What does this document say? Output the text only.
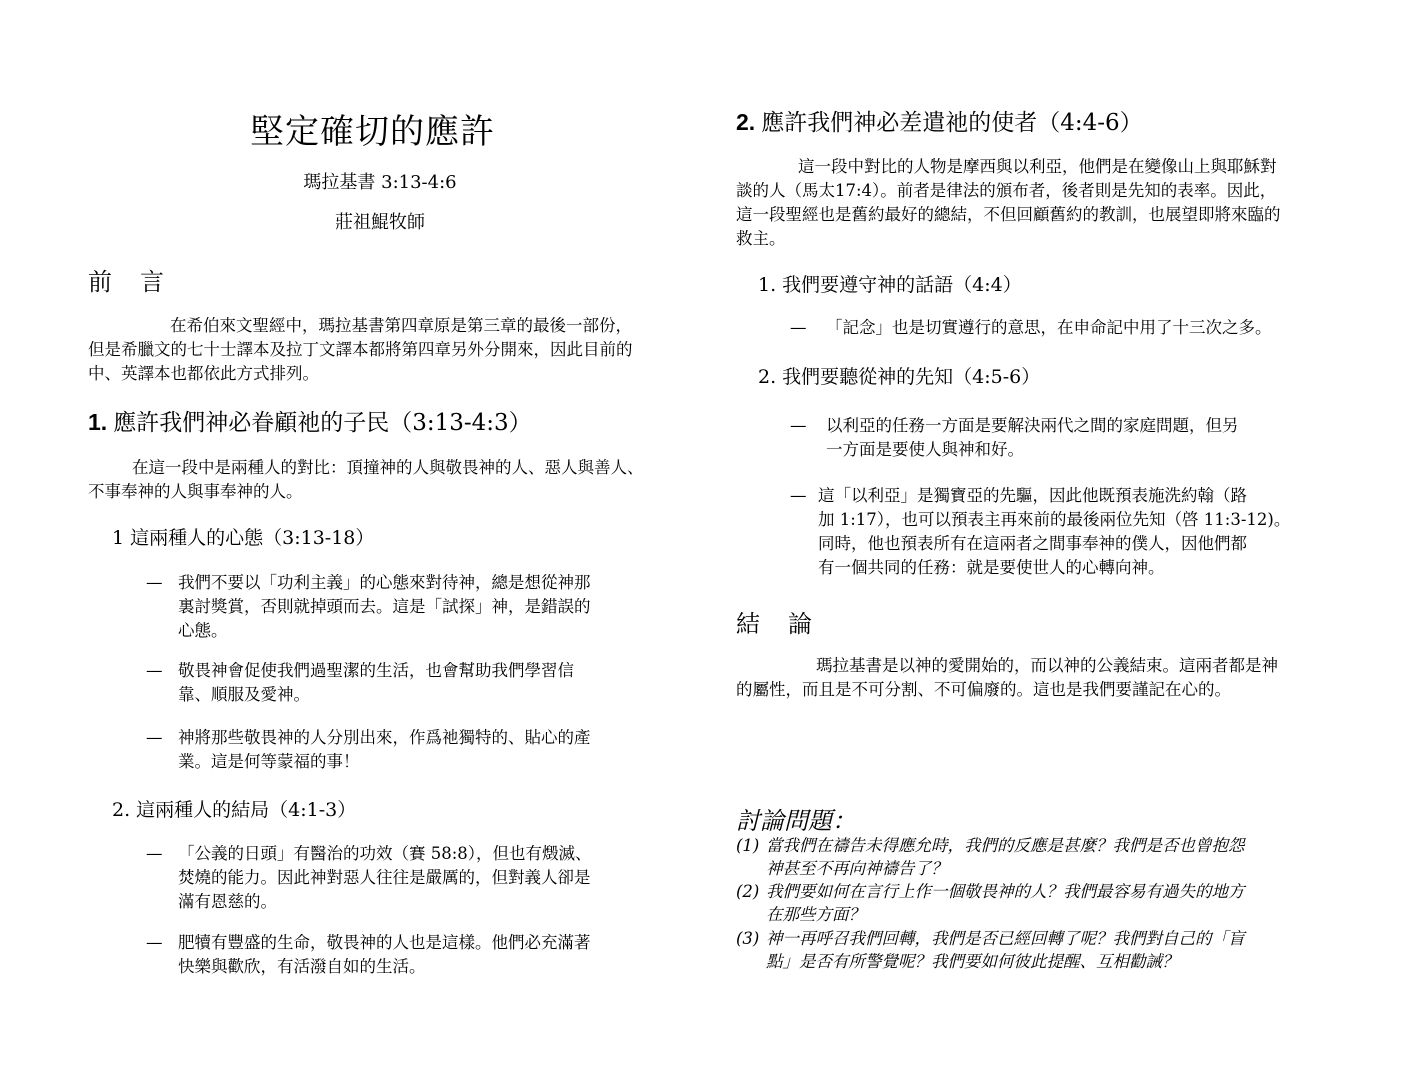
堅定確切的應許
瑪拉基書 3:13-4:6
莊祖鯤牧師
前言
在希伯來文聖經中，瑪拉基書第四章原是第三章的最後一部份，
但是希臘文的七十士譯本及拉丁文譯本都將第四章另外分開來，因此目前的
中、英譯本也都依此方式排列。
1. 應許我們神必眷顧祂的子民（3:13-4:3）
在這一段中是兩種人的對比：頂撞神的人與敬畏神的人、惡人與善人、
不事奉神的人與事奉神的人。
1 這兩種人的心態（3:13-18）
— 我們不要以「功利主義」的心態來對待神，總是想從神那
裏討獎賞，否則就掉頭而去。這是「試探」神，是錯誤的
心態。
— 敬畏神會促使我們過聖潔的生活，也會幫助我們學習信
靠、順服及愛神。
— 神將那些敬畏神的人分別出來，作爲祂獨特的、貼心的產
業。這是何等蒙福的事！
2. 這兩種人的結局（4:1-3）
— 「公義的日頭」有醫治的功效（賽 58:8），但也有燬滅、
焚燒的能力。因此神對惡人往往是嚴厲的，但對義人卻是
滿有恩慈的。
— 肥犢有豐盛的生命，敬畏神的人也是這樣。他們必充滿著
快樂與歡欣，有活潑自如的生活。
2. 應許我們神必差遣祂的使者（4:4-6）
這一段中對比的人物是摩西與以利亞，他們是在變像山上與耶穌對
談的人（馬太17:4）。前者是律法的頒布者，後者則是先知的表率。因此，
這一段聖經也是舊約最好的總結，不但回顧舊約的教訓，也展望即將來臨的
救主。
1. 我們要遵守神的話語（4:4）
— 「記念」也是切實遵行的意思，在申命記中用了十三次之多。
2. 我們要聽從神的先知（4:5-6）
— 以利亞的任務一方面是要解決兩代之間的家庭問題，但另
一方面是要使人與神和好。
— 這「以利亞」是獨寶亞的先驅，因此他既預表施洗約翰（路
加 1:17），也可以預表主再來前的最後兩位先知（啓 11:3-12)。
同時，他也預表所有在這兩者之間事奉神的僕人，因他們都
有一個共同的任務：就是要使世人的心轉向神。
結論
瑪拉基書是以神的愛開始的，而以神的公義結束。這兩者都是神
的屬性，而且是不可分割、不可偏廢的。這也是我們要謹記在心的。
討論問題：
(1) 當我們在禱告未得應允時，我們的反應是甚麼？我們是否也曾抱怨
神甚至不再向神禱告了？
(2) 我們要如何在言行上作一個敬畏神的人？我們最容易有過失的地方
在那些方面？
(3) 神一再呼召我們回轉，我們是否已經回轉了呢？我們對自己的「盲
點」是否有所警覺呢？我們要如何彼此提醒、互相勸誡？
